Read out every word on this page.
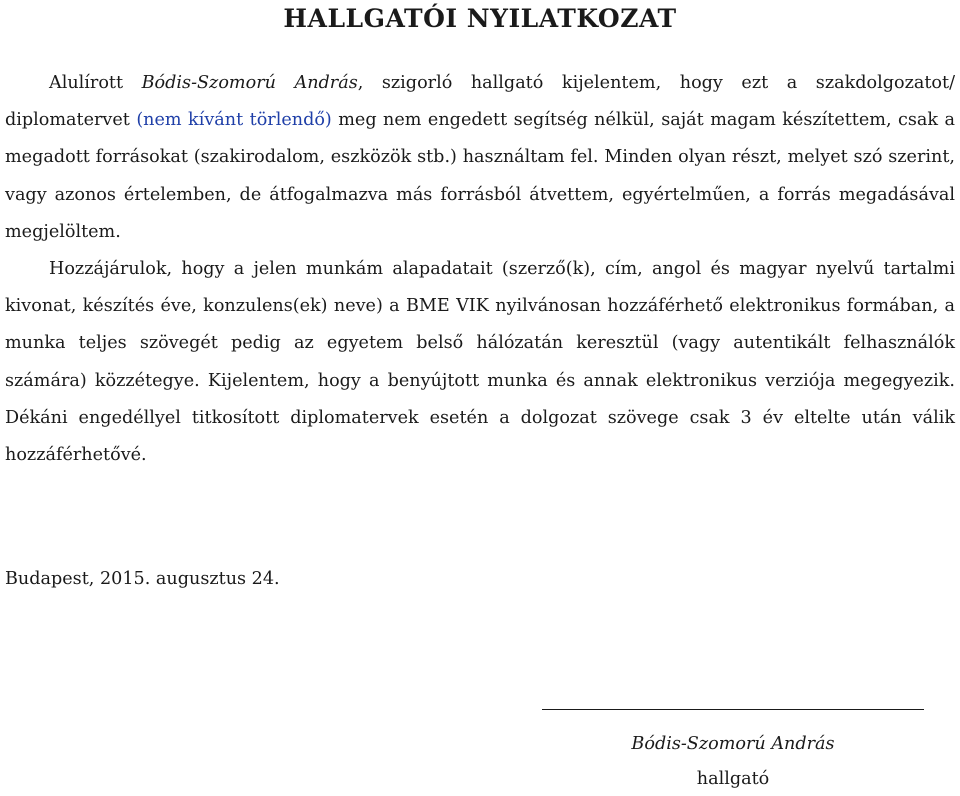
HALLGATÓI NYILATKOZAT

Alulírott Bódis-Szomorú András, szigorló hallgató kijelentem, hogy ezt a szakdolgozatot/ diplomatervet (nem kívánt törlendő) meg nem engedett segítség nélkül, saját magam készítettem, csak a megadott forrásokat (szakirodalom, eszközök stb.) használtam fel. Minden olyan részt, melyet szó szerint, vagy azonos értelemben, de átfogalmazva más forrásból átvettem, egyértelműen, a forrás megadásával megjelöltem.

Hozzájárulok, hogy a jelen munkám alapadatait (szerző(k), cím, angol és magyar nyelvű tartalmi kivonat, készítés éve, konzulens(ek) neve) a BME VIK nyilvánosan hozzáférhető elektronikus formában, a munka teljes szövegét pedig az egyetem belső hálózatán keresztül (vagy autentikált felhasználók számára) közzétegye. Kijelentem, hogy a benyújtott munka és annak elektronikus verziója megegyezik. Dékáni engedéllyel titkosított diplomatervek esetén a dolgozat szövege csak 3 év eltelte után válik hozzáférhetővé.

Budapest, 2015. augusztus 24.

Bódis-Szomorú András

hallgató
